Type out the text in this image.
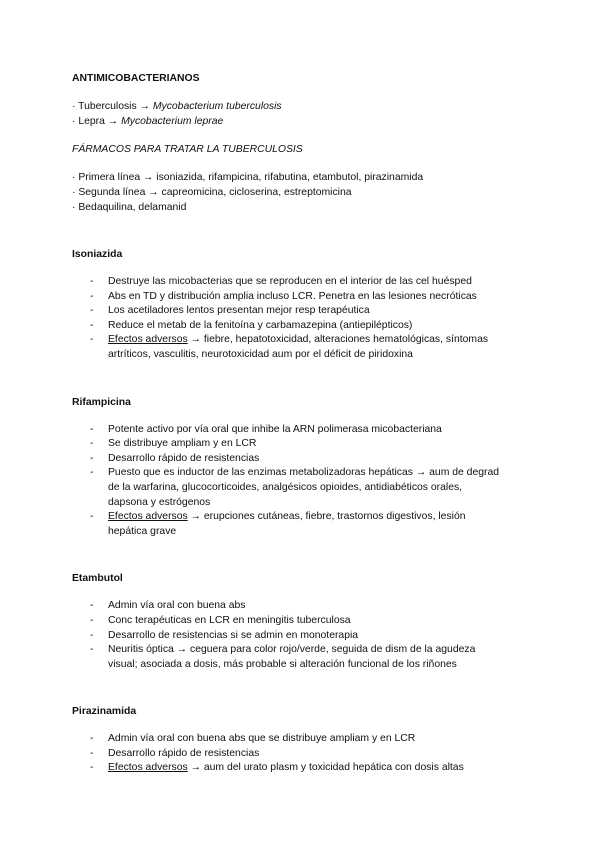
ANTIMICOBACTERIANOS
· Tuberculosis → Mycobacterium tuberculosis
· Lepra → Mycobacterium leprae
FÁRMACOS PARA TRATAR LA TUBERCULOSIS
· Primera línea → isoniazida, rifampicina, rifabutina, etambutol, pirazinamida
· Segunda línea → capreomicina, cicloserina, estreptomicina
· Bedaquilina, delamanid
Isoniazida
- Destruye las micobacterias que se reproducen en el interior de las cel huésped
- Abs en TD y distribución amplia incluso LCR. Penetra en las lesiones necróticas
- Los acetiladores lentos presentan mejor resp terapéutica
- Reduce el metab de la fenitoína y carbamazepina (antiepilépticos)
- Efectos adversos → fiebre, hepatotoxicidad, alteraciones hematológicas, síntomas
artríticos, vasculitis, neurotoxicidad aum por el déficit de piridoxina
Rifampicina
- Potente activo por vía oral que inhibe la ARN polimerasa micobacteriana
- Se distribuye ampliam y en LCR
- Desarrollo rápido de resistencias
- Puesto que es inductor de las enzimas metabolizadoras hepáticas → aum de degrad
de la warfarina, glucocorticoides, analgésicos opioides, antidiabéticos orales,
dapsona y estrógenos
- Efectos adversos → erupciones cutáneas, fiebre, trastornos digestivos, lesión
hepática grave
Etambutol
- Admin vía oral con buena abs
- Conc terapéuticas en LCR en meningitis tuberculosa
- Desarrollo de resistencias si se admin en monoterapia
- Neuritis óptica → ceguera para color rojo/verde, seguida de dism de la agudeza
visual; asociada a dosis, más probable si alteración funcional de los riñones
Pirazinamida
- Admin vía oral con buena abs que se distribuye ampliam y en LCR
- Desarrollo rápido de resistencias
- Efectos adversos → aum del urato plasm y toxicidad hepática con dosis altas
